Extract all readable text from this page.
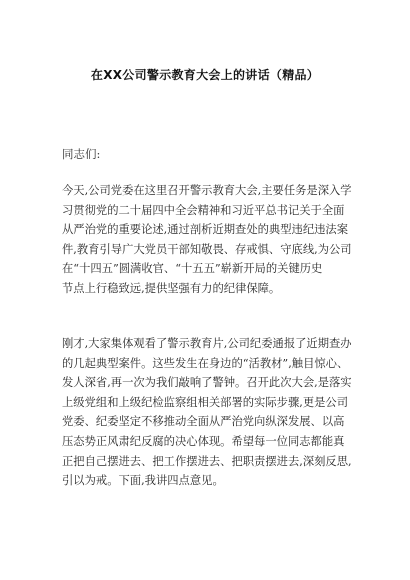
在XX公司警示教育大会上的讲话（精品）
同志们:
今天,公司党委在这里召开警示教育大会,主要任务是深入学
习贯彻党的二十届四中全会精神和习近平总书记关于全面
从严治党的重要论述,通过剖析近期查处的典型违纪违法案
件,教育引导广大党员干部知敬畏、存戒惧、守底线,为公司
在“十四五”圆满收官、“十五五”崭新开局的关键历史
节点上行稳致远,提供坚强有力的纪律保障。
刚才,大家集体观看了警示教育片,公司纪委通报了近期查办
的几起典型案件。这些发生在身边的“活教材”,触目惊心、
发人深省,再一次为我们敲响了警钟。召开此次大会,是落实
上级党组和上级纪检监察组相关部署的实际步骤,更是公司
党委、纪委坚定不移推动全面从严治党向纵深发展、以高
压态势正风肃纪反腐的决心体现。希望每一位同志都能真
正把自己摆进去、把工作摆进去、把职责摆进去,深刻反思,
引以为戒。下面,我讲四点意见。
